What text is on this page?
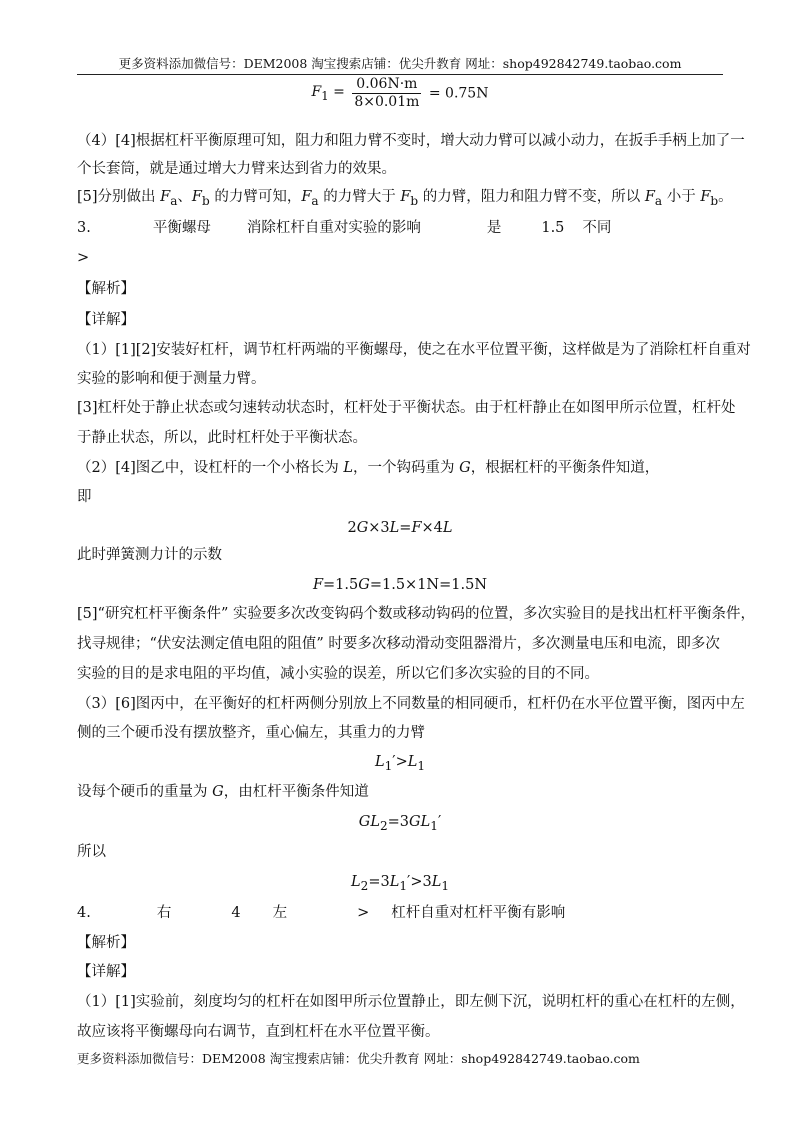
更多资料添加微信号：DEM2008 淘宝搜索店铺：优尖升教育 网址：shop492842749.taobao.com
$F_1 = \frac{0.06N\cdot m}{8\times 0.01m} = 0.75N$
（4）[4]根据杠杆平衡原理可知，阻力和阻力臂不变时，增大动力臂可以减小动力，在扳手手柄上加了一
个长套筒，就是通过增大力臂来达到省力的效果。
[5]分别做出 $F_a$、$F_b$ 的力臂可知，$F_a$ 的力臂大于 $F_b$ 的力臂，阻力和阻力臂不变，所以 $F_a$ 小于 $F_b$。
3.	平衡螺母 消除杠杆自重对实验的影响	是	1.5 不同
>
【解析】
【详解】
（1）[1][2]安装好杠杆，调节杠杆两端的平衡螺母，使之在水平位置平衡，这样做是为了消除杠杆自重对
实验的影响和便于测量力臂。
[3]杠杆处于静止状态或匀速转动状态时，杠杆处于平衡状态。由于杠杆静止在如图甲所示位置，杠杆处
于静止状态，所以，此时杠杆处于平衡状态。
（2）[4]图乙中，设杠杆的一个小格长为 L，一个钩码重为 G，根据杠杆的平衡条件知道，
即
2G×3L=F×4L
此时弹簧测力计的示数
F=1.5G=1.5×1N=1.5N
[5]“研究杠杆平衡条件” 实验要多次改变钩码个数或移动钩码的位置，多次实验目的是找出杠杆平衡条件，
找寻规律；“伏安法测定值电阻的阻值” 时要多次移动滑动变阻器滑片，多次测量电压和电流，即多次
实验的目的是求电阻的平均值，减小实验的误差，所以它们多次实验的目的不同。
（3）[6]图丙中，在平衡好的杠杆两侧分别放上不同数量的相同硬币，杠杆仍在水平位置平衡，图丙中左
侧的三个硬币没有摆放整齐，重心偏左，其重力的力臂
$L_1'>L_1$
设每个硬币的重量为 G，由杠杆平衡条件知道
$GL_2=3GL_1'$
所以
$L_2=3L_1'>3L_1$
4.	右	4 左	> 杠杆自重对杠杆平衡有影响
【解析】
【详解】
（1）[1]实验前，刻度均匀的杠杆在如图甲所示位置静止，即左侧下沉，说明杠杆的重心在杠杆的左侧，
故应该将平衡螺母向右调节，直到杠杆在水平位置平衡。
更多资料添加微信号：DEM2008 淘宝搜索店铺：优尖升教育 网址：shop492842749.taobao.com
